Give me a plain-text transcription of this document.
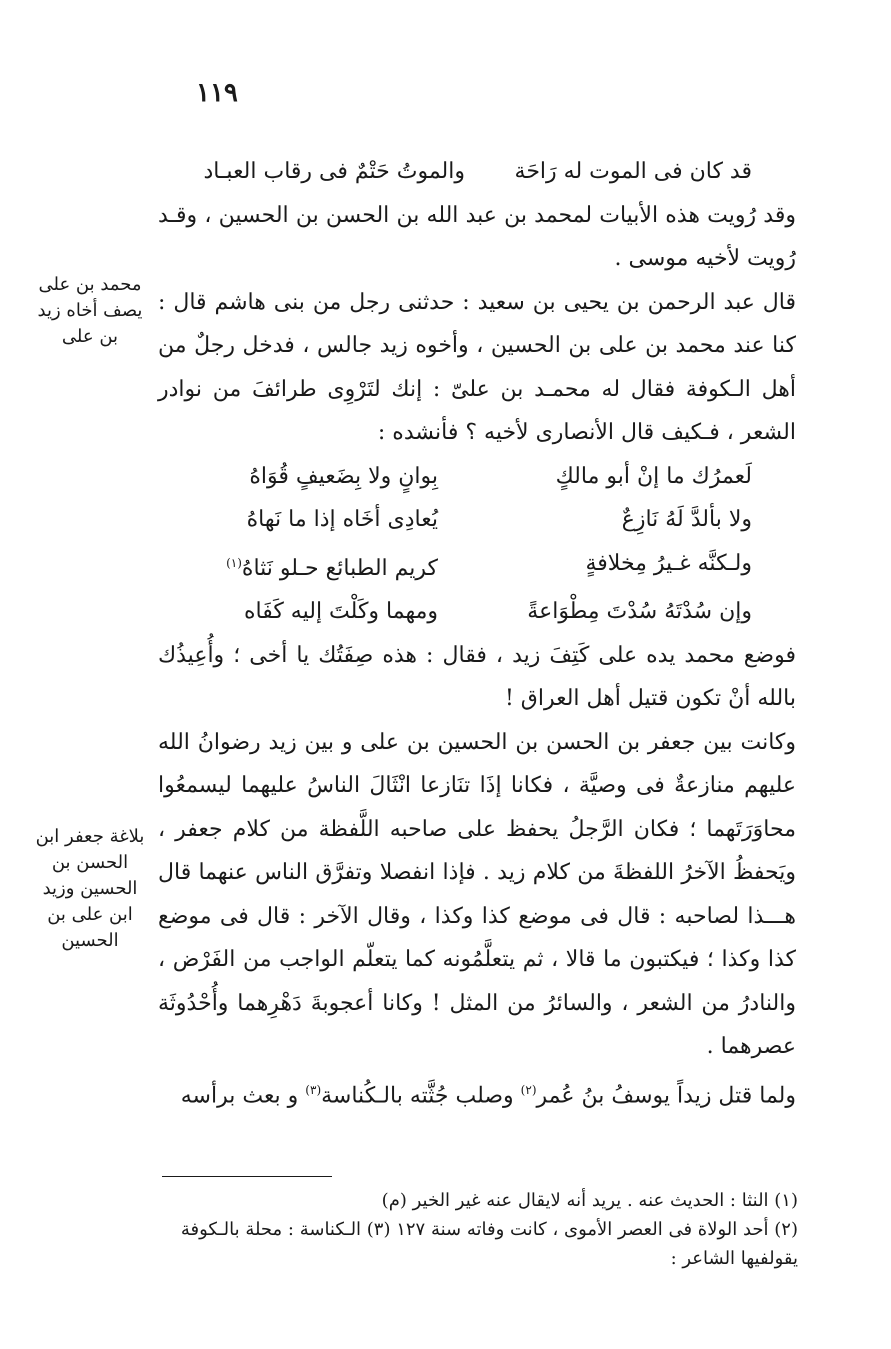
١١٩
قد كان فى الموت له رَاحَة
والموتُ حَتْمٌ فى رقاب العبـاد

وقد رُويت هذه الأبيات لمحمد بن عبد الله بن الحسن بن الحسين ، وقـد رُويت لأخيه موسى .

قال عبد الرحمن بن يحيى بن سعيد : حدثنى رجل من بنى هاشم قال : كنا عند محمد بن على بن الحسين ، وأخوه زيد جالس ، فدخل رجلٌ من أهل الـكوفة فقال له محمـد بن علىّ : إنك لتَرْوِى طرائفَ من نوادر الشعر ، فـكيف قال الأنصارى لأخيه ؟ فأنشده :

لَعمرُك ما إنْ أبو مالكٍ
بِوانٍ ولا بِضَعيفٍ قُوَاهُ
ولا بألدَّ لَهُ نَازِعٌ
يُعادِى أخَاه إذا ما نَهاهُ
ولـكنَّه غـيرُ مِخلافةٍ
كريم الطبائع حـلو نَثاهُ$^{(١)}$
وإن سُدْتَهُ سُدْتَ مِطْوَاعةً
ومهما وكَلْتَ إليه كَفَاه

فوضع محمد يده على كَتِفَ زيد ، فقال : هذه صِفَتُك يا أخى ؛ وأُعِيذُك بالله أنْ تكون قتيل أهل العراق !

وكانت بين جعفر بن الحسن بن الحسين بن على و بين زيد رضوانُ الله عليهم منازعةٌ فى وصيَّة ، فكانا إذَا تنَازعا انْثَالَ الناسُ عليهما ليسمعُوا محاوَرَتَهما ؛ فكان الرَّجلُ يحفظ على صاحبه اللَّفظة من كلام جعفر ، ويَحفظُ الآخرُ اللفظةَ من كلام زيد . فإذا انفصلا وتفرَّق الناس عنهما قال هـــذا لصاحبه : قال فى موضع كذا وكذا ، وقال الآخر : قال فى موضع كذا وكذا ؛ فيكتبون ما قالا ، ثم يتعلَّمُونه كما يتعلّم الواجب من الفَرْض ، والنادرُ من الشعر ، والسائرُ من المثل ! وكانا أعجوبةَ دَهْرِهما وأُحْدُوثَة عصرهما .

ولما قتل زيداً يوسفُ بنُ عُمر$^{(٢)}$ وصلب جُثَّته بالـكُناسة$^{(٣)}$ و بعث برأسه

محمد بن على يصف أخاه زيد بن على
بلاغة جعفر ابن الحسن بن الحسين وزيد ابن على بن الحسين

(١) النثا : الحديث عنه . يريد أنه لايقال عنه غير الخير (م)

(٢) أحد الولاة فى العصر الأموى ، كانت وفاته سنة ١٢٧ (٣) الـكناسة : محلة بالـكوفة يقولفيها الشاعر :
